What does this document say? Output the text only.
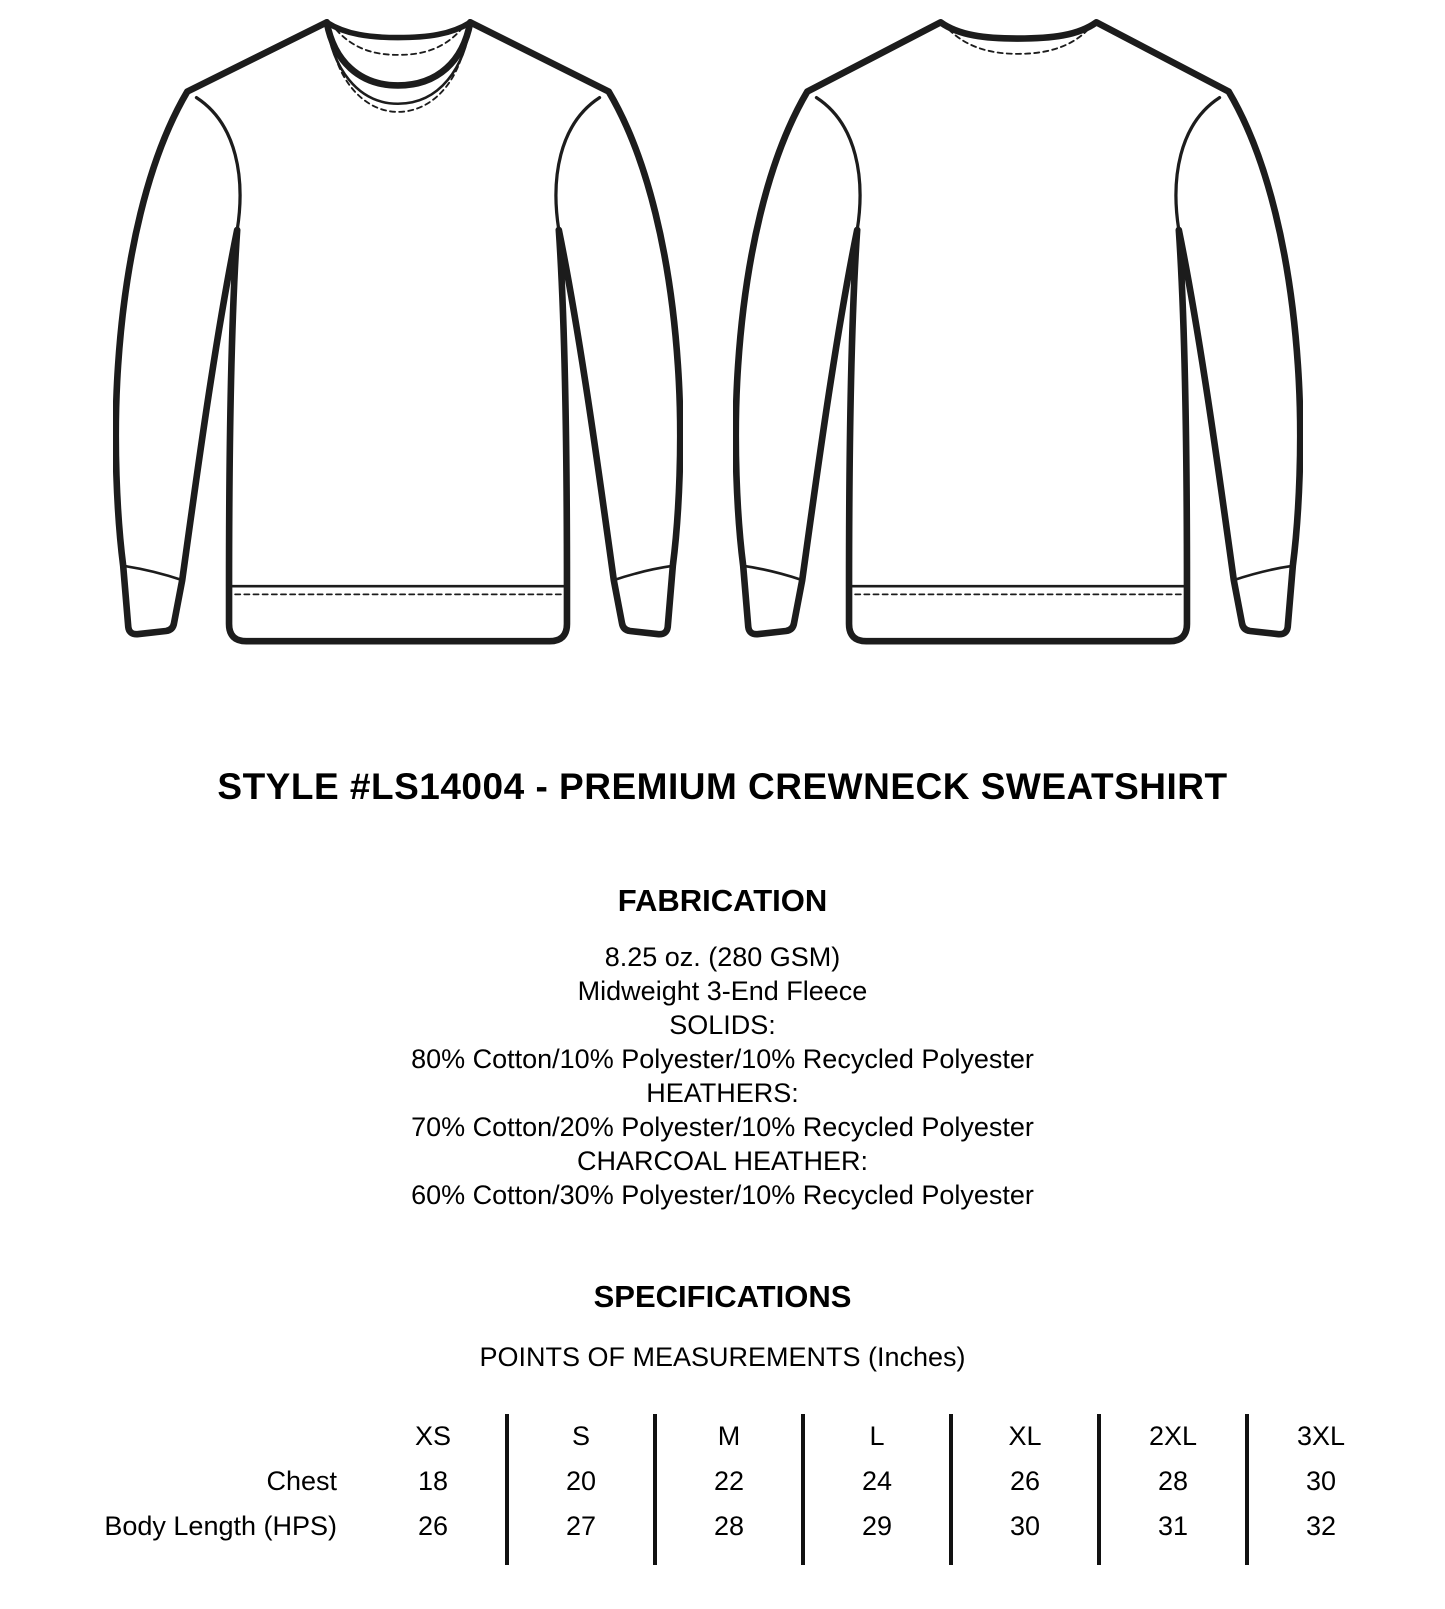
STYLE #LS14004 - PREMIUM CREWNECK SWEATSHIRT
FABRICATION
8.25 oz. (280 GSM)
Midweight 3-End Fleece
SOLIDS:
80% Cotton/10% Polyester/10% Recycled Polyester
HEATHERS:
70% Cotton/20% Polyester/10% Recycled Polyester
CHARCOAL HEATHER:
60% Cotton/30% Polyester/10% Recycled Polyester
SPECIFICATIONS
POINTS OF MEASUREMENTS (Inches)
Chest
Body Length (HPS)
XS
18
26
S
20
27
M
22
28
L
24
29
XL
26
30
2XL
28
31
3XL
30
32
